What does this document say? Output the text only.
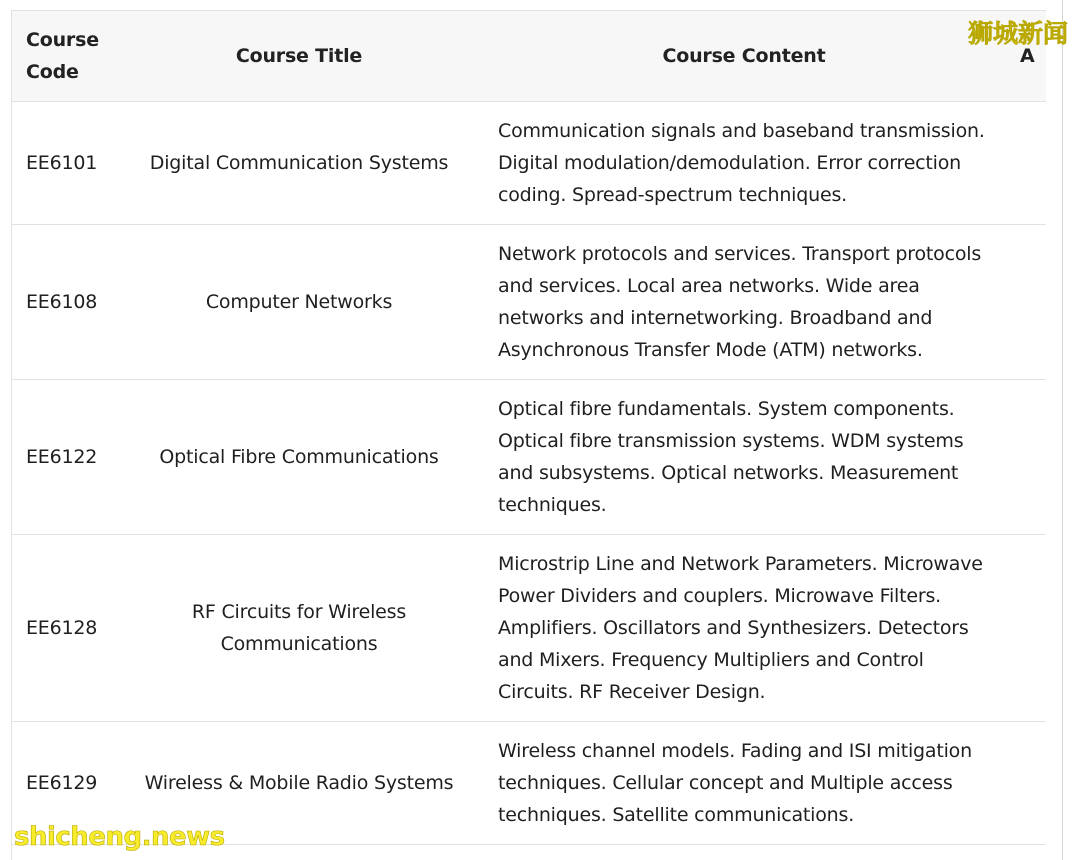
Course Code	Course Title	Course Content	A
EE6101	Digital Communication Systems	Communication signals and baseband transmission. Digital modulation/demodulation. Error correction coding. Spread-spectrum techniques.	
EE6108	Computer Networks	Network protocols and services. Transport protocols and services. Local area networks. Wide area networks and internetworking. Broadband and Asynchronous Transfer Mode (ATM) networks.	
EE6122	Optical Fibre Communications	Optical fibre fundamentals. System components. Optical fibre transmission systems. WDM systems and subsystems. Optical networks. Measurement techniques.	
EE6128	RF Circuits for Wireless Communications	Microstrip Line and Network Parameters. Microwave Power Dividers and couplers. Microwave Filters. Amplifiers. Oscillators and Synthesizers. Detectors and Mixers. Frequency Multipliers and Control Circuits. RF Receiver Design.	
EE6129	Wireless & Mobile Radio Systems	Wireless channel models. Fading and ISI mitigation techniques. Cellular concept and Multiple access techniques. Satellite communications.	
狮城新闻
shicheng.news
